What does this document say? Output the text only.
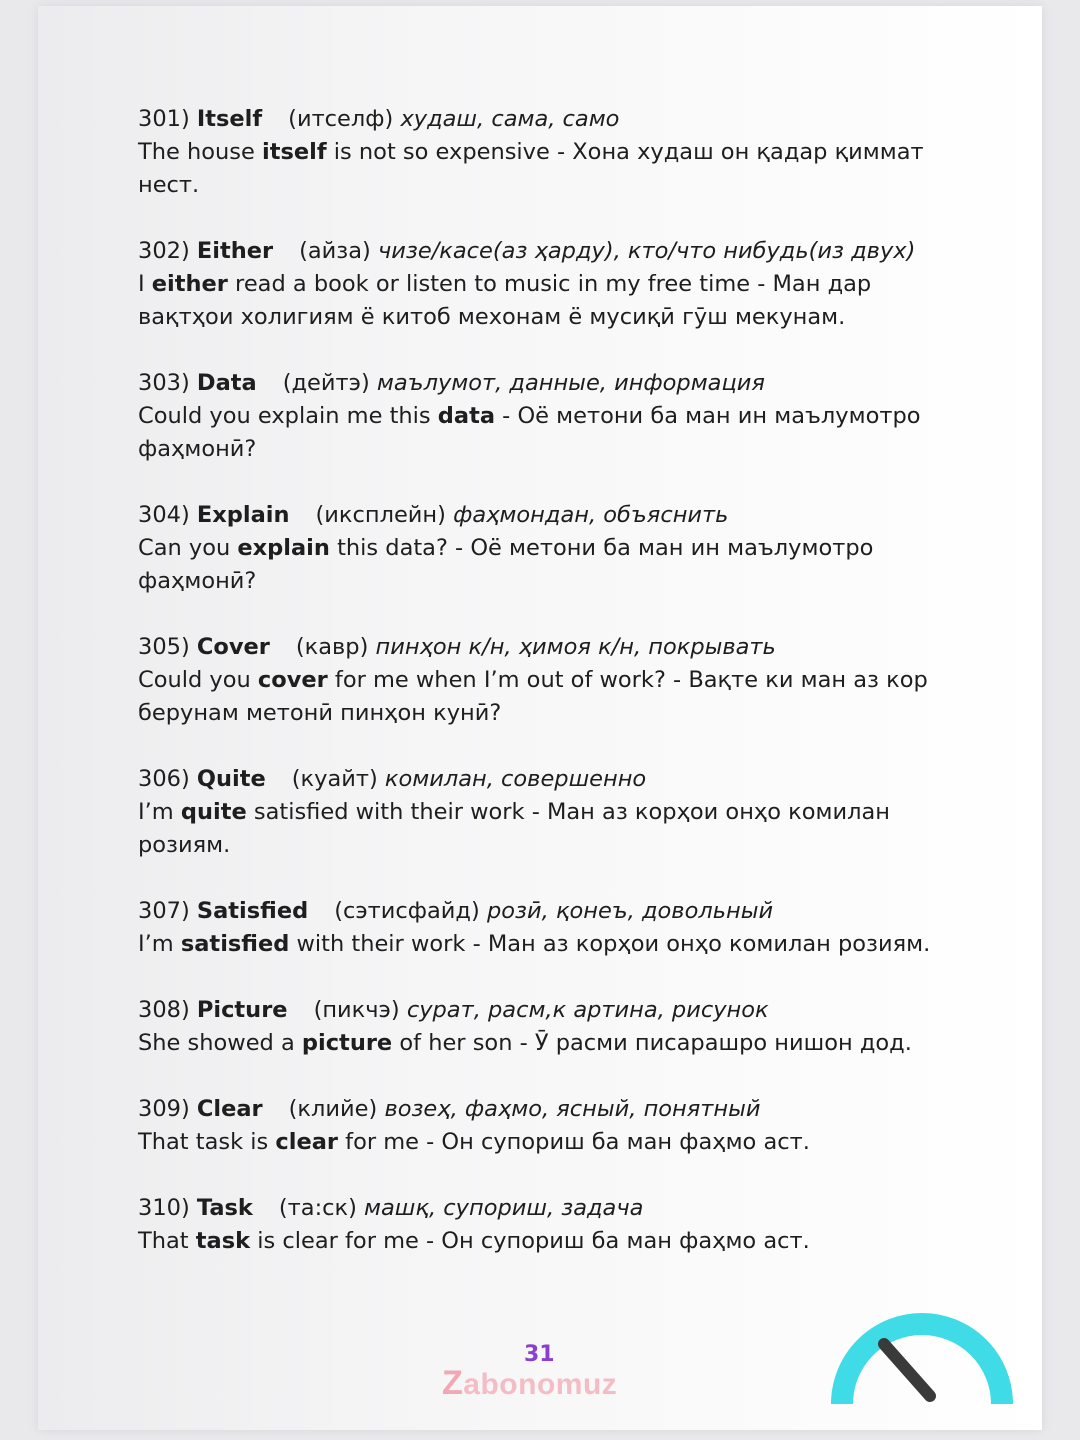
301) Itself (итселф) худаш, сама, само
The house itself is not so expensive - Хона худаш он қадар қиммат нест.
302) Either (айза) чизе/касе(аз ҳарду), кто/что нибудь(из двух)
I either read a book or listen to music in my free time - Ман дар вақтҳои холигиям ё китоб мехонам ё мусиқӣ гӯш мекунам.
303) Data (дейтэ) маълумот, данные, информация
Could you explain me this data - Оё метони ба ман ин маълумотро фаҳмонӣ?
304) Explain (иксплейн) фаҳмондан, объяснить
Can you explain this data? - Оё метони ба ман ин маълумотро фаҳмонӣ?
305) Cover (кавр) пинҳон к/н, ҳимоя к/н, покрывать
Could you cover for me when I’m out of work? - Вақте ки ман аз кор берунам метонӣ пинҳон кунӣ?
306) Quite (куайт) комилан, совершенно
I’m quite satisfied with their work - Ман аз корҳои онҳо комилан розиям.
307) Satisfied (сэтисфайд) розӣ, қонеъ, довольный
I’m satisfied with their work - Ман аз корҳои онҳо комилан розиям.
308) Picture (пикчэ) сурат, расм,к артина, рисунок
She showed a picture of her son - Ӯ расми писарашро нишон дод.
309) Clear (клийе) возеҳ, фаҳмо, ясный, понятный
That task is clear for me - Он супориш ба ман фаҳмо аст.
310) Task (та:ск) машқ, супориш, задача
That task is clear for me - Он супориш ба ман фаҳмо аст.
31
Zabonomuz
